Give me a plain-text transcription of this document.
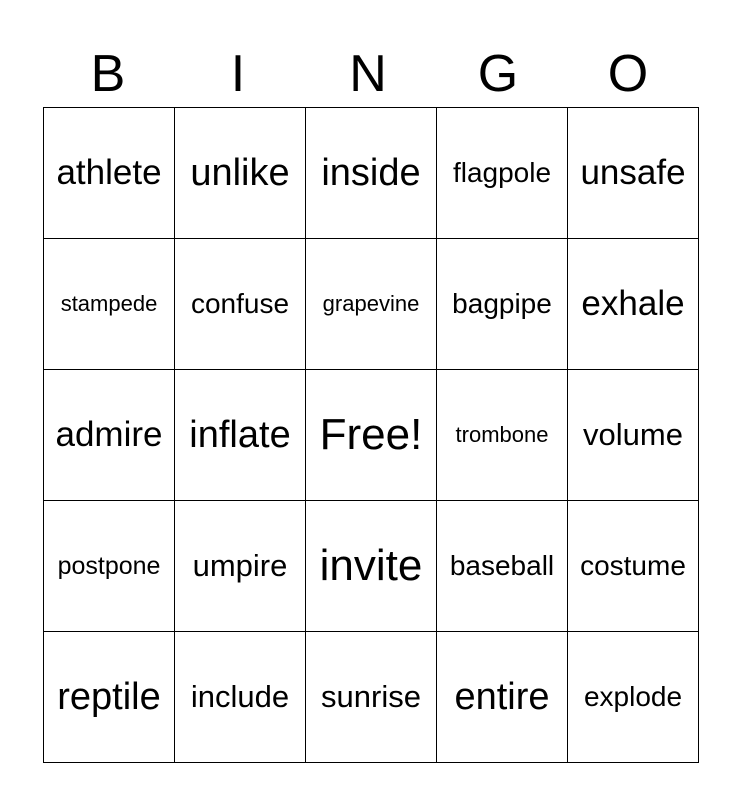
B	I	N	G	O
athlete	unlike	inside	flagpole	unsafe
stampede	confuse	grapevine	bagpipe	exhale
admire	inflate	Free!	trombone	volume
postpone	umpire	invite	baseball	costume
reptile	include	sunrise	entire	explode
